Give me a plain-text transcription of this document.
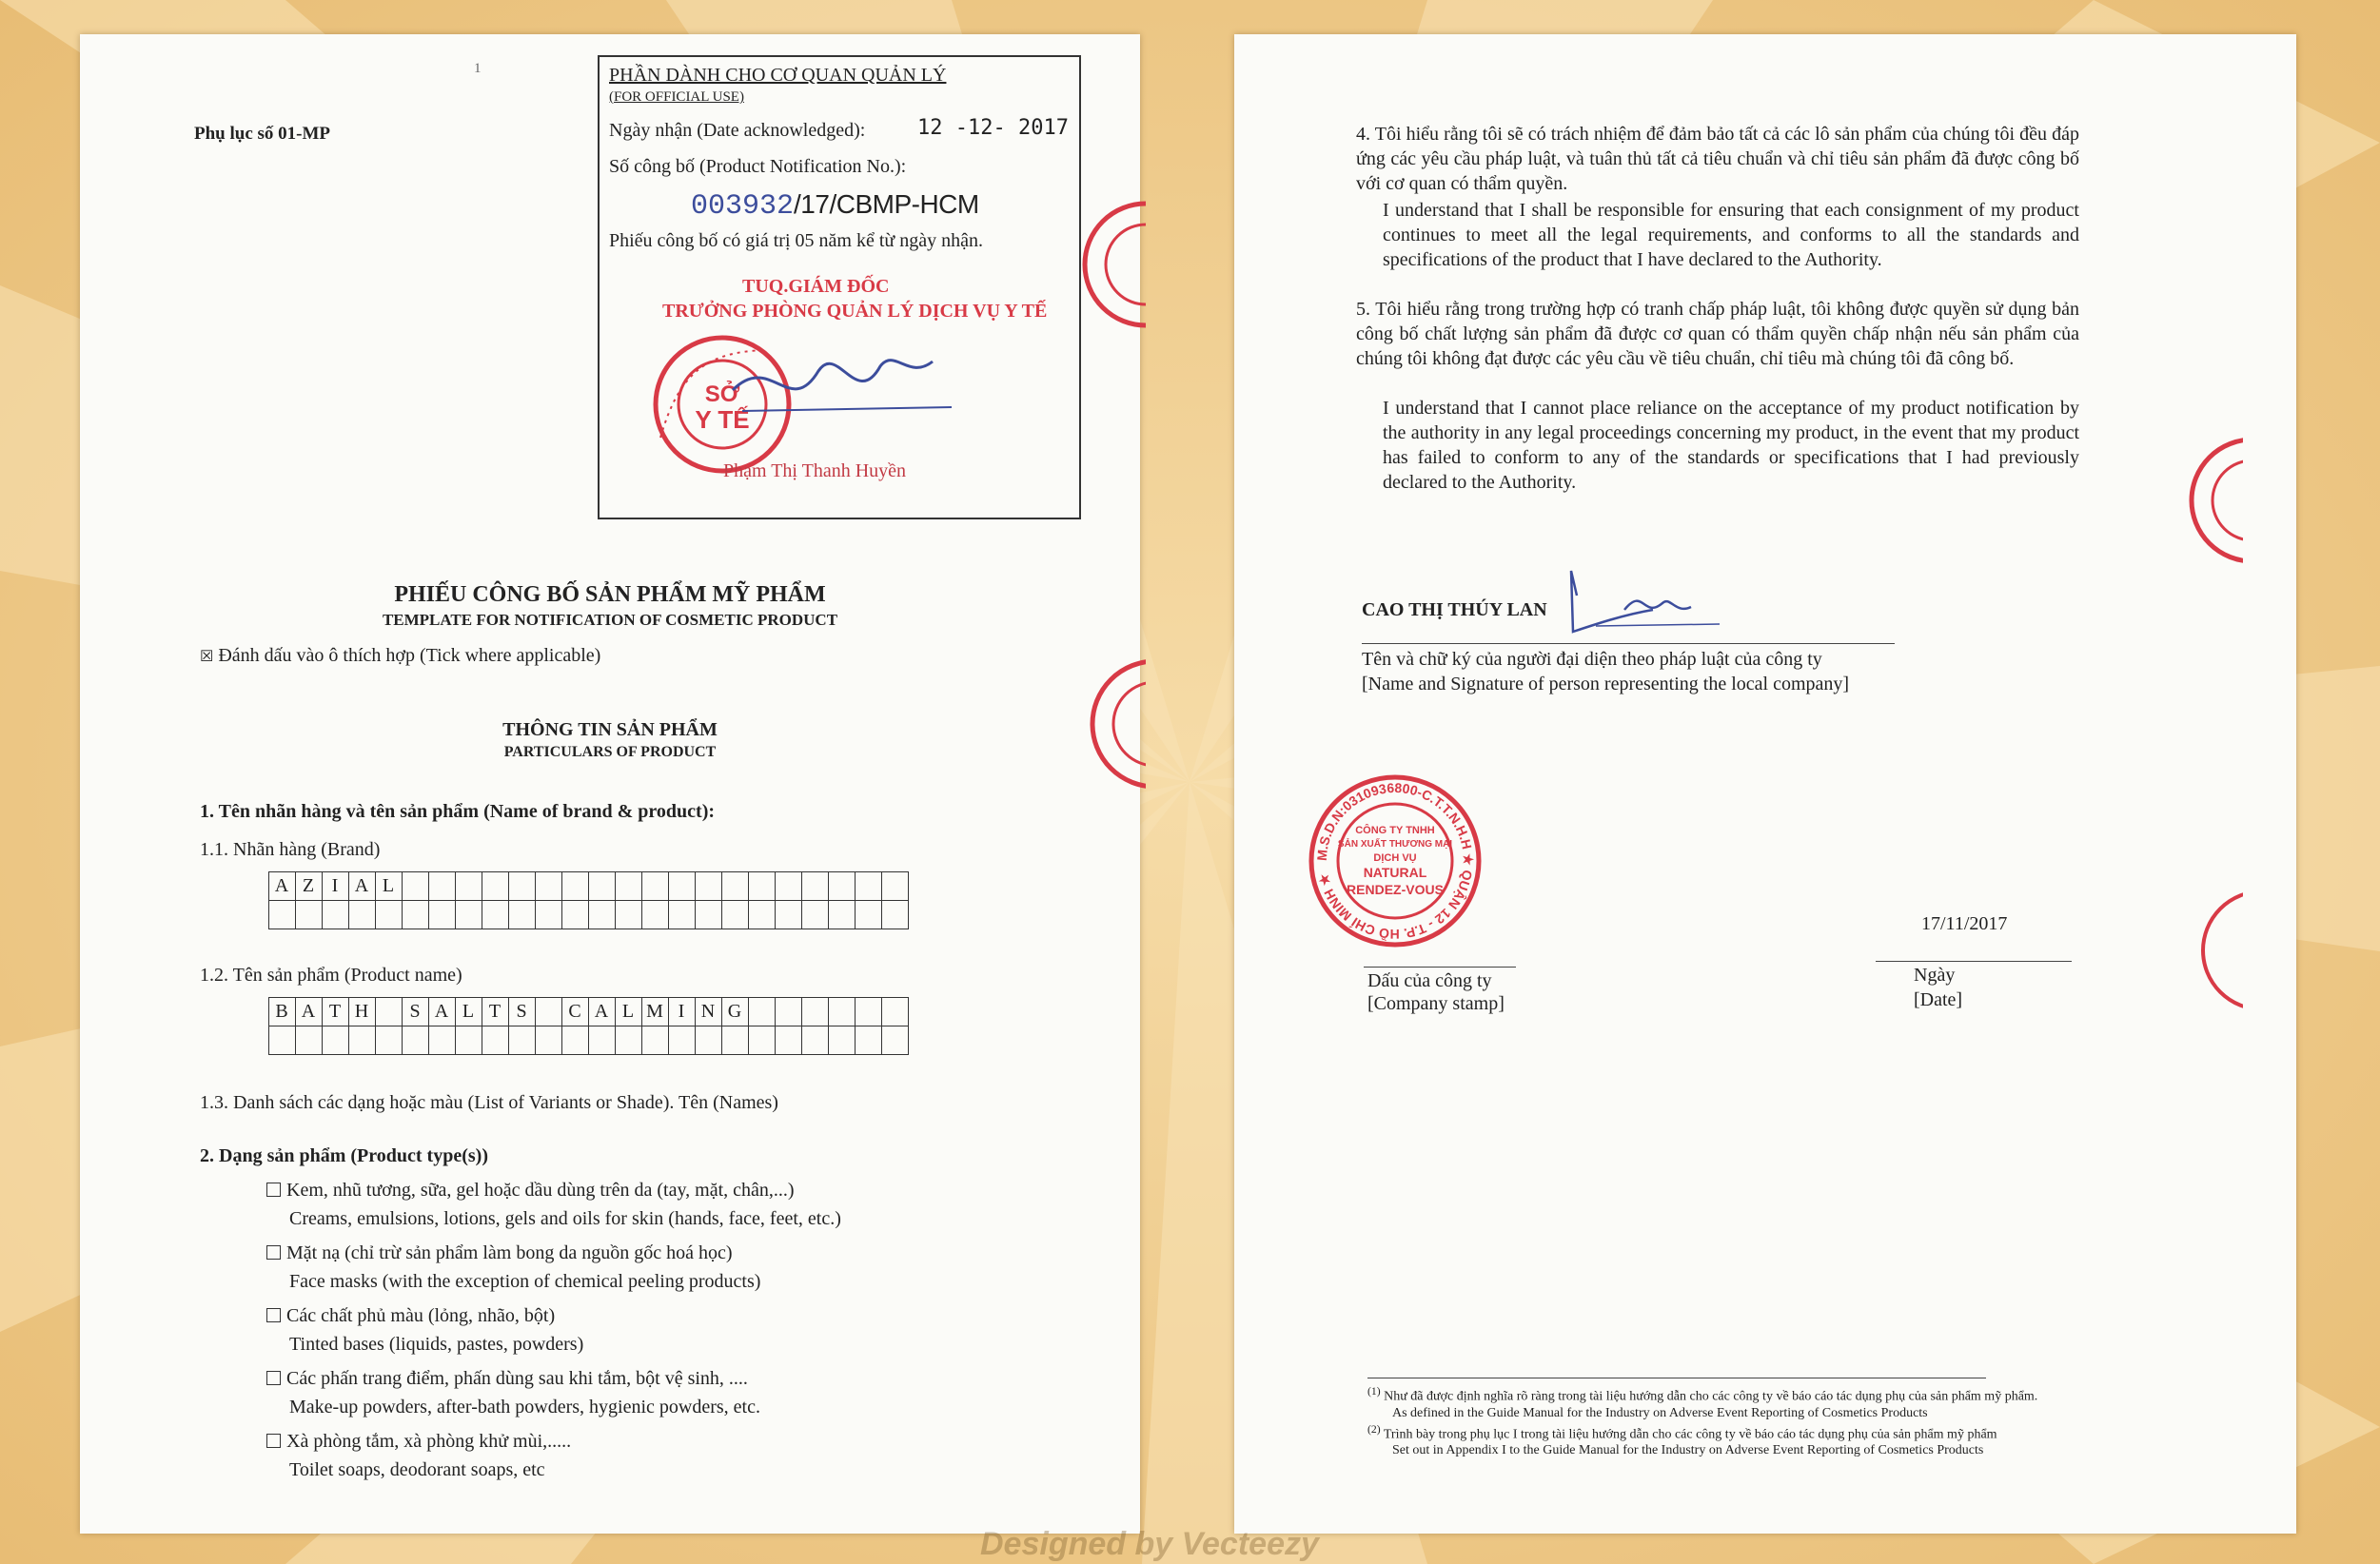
1
Phụ lục số 01-MP
PHẦN DÀNH CHO CƠ QUAN QUẢN LÝ
(FOR OFFICIAL USE)
Ngày nhận (Date acknowledged): 12 -12- 2017
Số công bố (Product Notification No.):
003932/17/CBMP-HCM
Phiếu công bố có giá trị 05 năm kể từ ngày nhận.
TUQ.GIÁM ĐỐC
TRƯỞNG PHÒNG QUẢN LÝ DỊCH VỤ Y TẾ
SỞ
Y TẾ
Phạm Thị Thanh Huyền
PHIẾU CÔNG BỐ SẢN PHẨM MỸ PHẨM
TEMPLATE FOR NOTIFICATION OF COSMETIC PRODUCT
☒ Đánh dấu vào ô thích hợp (Tick where applicable)
THÔNG TIN SẢN PHẨM
PARTICULARS OF PRODUCT
1. Tên nhãn hàng và tên sản phẩm (Name of brand & product):
1.1. Nhãn hàng (Brand)
A	Z	I	A	L																			

1.2. Tên sản phẩm (Product name)
B	A	T	H		S	A	L	T	S		C	A	L	M	I	N	G						

1.3. Danh sách các dạng hoặc màu (List of Variants or Shade). Tên (Names)
2. Dạng sản phẩm (Product type(s))
Kem, nhũ tương, sữa, gel hoặc dầu dùng trên da (tay, mặt, chân,...)
Creams, emulsions, lotions, gels and oils for skin (hands, face, feet, etc.)
Mặt nạ (chỉ trừ sản phẩm làm bong da nguồn gốc hoá học)
Face masks (with the exception of chemical peeling products)
Các chất phủ màu (lỏng, nhão, bột)
Tinted bases (liquids, pastes, powders)
Các phấn trang điểm, phấn dùng sau khi tắm, bột vệ sinh, ....
Make-up powders, after-bath powders, hygienic powders, etc.
Xà phòng tắm, xà phòng khử mùi,.....
Toilet soaps, deodorant soaps, etc
4. Tôi hiểu rằng tôi sẽ có trách nhiệm để đảm bảo tất cả các lô sản phẩm của chúng tôi đều đáp ứng các yêu cầu pháp luật, và tuân thủ tất cả tiêu chuẩn và chỉ tiêu sản phẩm đã được công bố với cơ quan có thẩm quyền.
I understand that I shall be responsible for ensuring that each consignment of my product continues to meet all the legal requirements, and conforms to all the standards and specifications of the product that I have declared to the Authority.
5. Tôi hiểu rằng trong trường hợp có tranh chấp pháp luật, tôi không được quyền sử dụng bản công bố chất lượng sản phẩm đã được cơ quan có thẩm quyền chấp nhận nếu sản phẩm của chúng tôi không đạt được các yêu cầu về tiêu chuẩn, chỉ tiêu mà chúng tôi đã công bố.
I understand that I cannot place reliance on the acceptance of my product notification by the authority in any legal proceedings concerning my product, in the event that my product has failed to conform to any of the standards or specifications that I had previously declared to the Authority.
CAO THỊ THÚY LAN
Tên và chữ ký của người đại diện theo pháp luật của công ty
[Name and Signature of person representing the local company]
M.S.D.N:0310936800-C.T.T.N.H.H ★ QUẬN 12 - T.P. HỒ CHÍ MINH ★
CÔNG TY TNHH
SẢN XUẤT THƯƠNG MẠI
DỊCH VỤ
NATURAL
RENDEZ-VOUS
17/11/2017
Dấu của công ty
[Company stamp]
Ngày
[Date]
$^{(1)}$ Như đã được định nghĩa rõ ràng trong tài liệu hướng dẫn cho các công ty về báo cáo tác dụng phụ của sản phẩm mỹ phẩm.
As defined in the Guide Manual for the Industry on Adverse Event Reporting of Cosmetics Products
$^{(2)}$ Trình bày trong phụ lục I trong tài liệu hướng dẫn cho các công ty về báo cáo tác dụng phụ của sản phẩm mỹ phẩm
Set out in Appendix I to the Guide Manual for the Industry on Adverse Event Reporting of Cosmetics Products
Designed by Vecteezy
